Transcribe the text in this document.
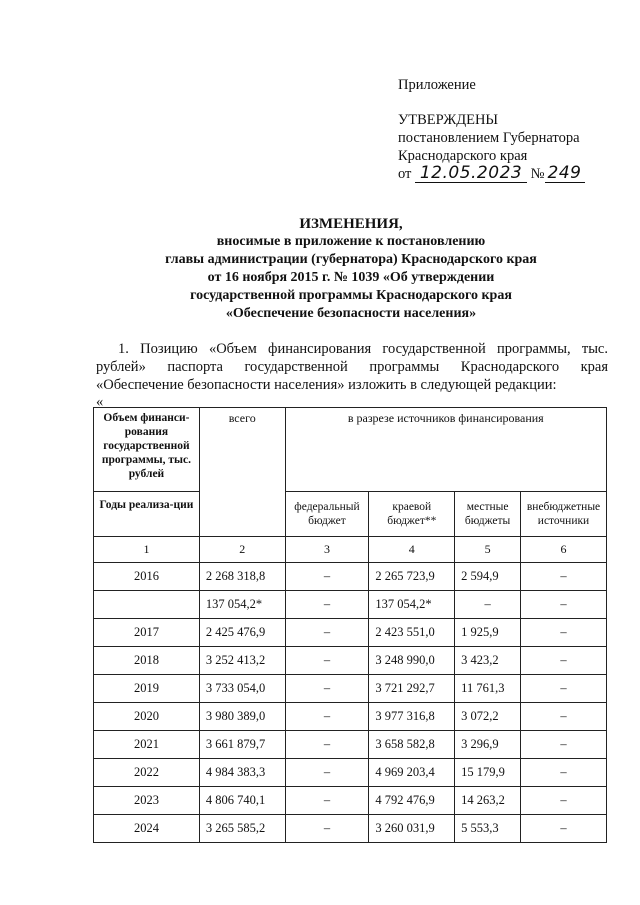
Приложение
УТВЕРЖДЕНЫ
постановлением Губернатора
Краснодарского края
от 12.05.2023 № 249
ИЗМЕНЕНИЯ,
вносимые в приложение к постановлению
главы администрации (губернатора) Краснодарского края
от 16 ноября 2015 г. № 1039 «Об утверждении
государственной программы Краснодарского края
«Обеспечение безопасности населения»

1. Позицию «Объем финансирования государственной программы, тыс. рублей» паспорта государственной программы Краснодарского края «Обеспечение безопасности населения» изложить в следующей редакции:

«
Объем финанси-рования государственной программы, тыс. рублей	всего	в разрезе источников финансирования			
Годы реализа-ции		федеральный бюджет	краевой бюджет**	местные бюджеты	внебюджетные источники
1	2	3	4	5	6
2016	2 268 318,8	–	2 265 723,9	2 594,9	–
	137 054,2*	–	137 054,2*	–	–
2017	2 425 476,9	–	2 423 551,0	1 925,9	–
2018	3 252 413,2	–	3 248 990,0	3 423,2	–
2019	3 733 054,0	–	3 721 292,7	11 761,3	–
2020	3 980 389,0	–	3 977 316,8	3 072,2	–
2021	3 661 879,7	–	3 658 582,8	3 296,9	–
2022	4 984 383,3	–	4 969 203,4	15 179,9	–
2023	4 806 740,1	–	4 792 476,9	14 263,2	–
2024	3 265 585,2	–	3 260 031,9	5 553,3	–
